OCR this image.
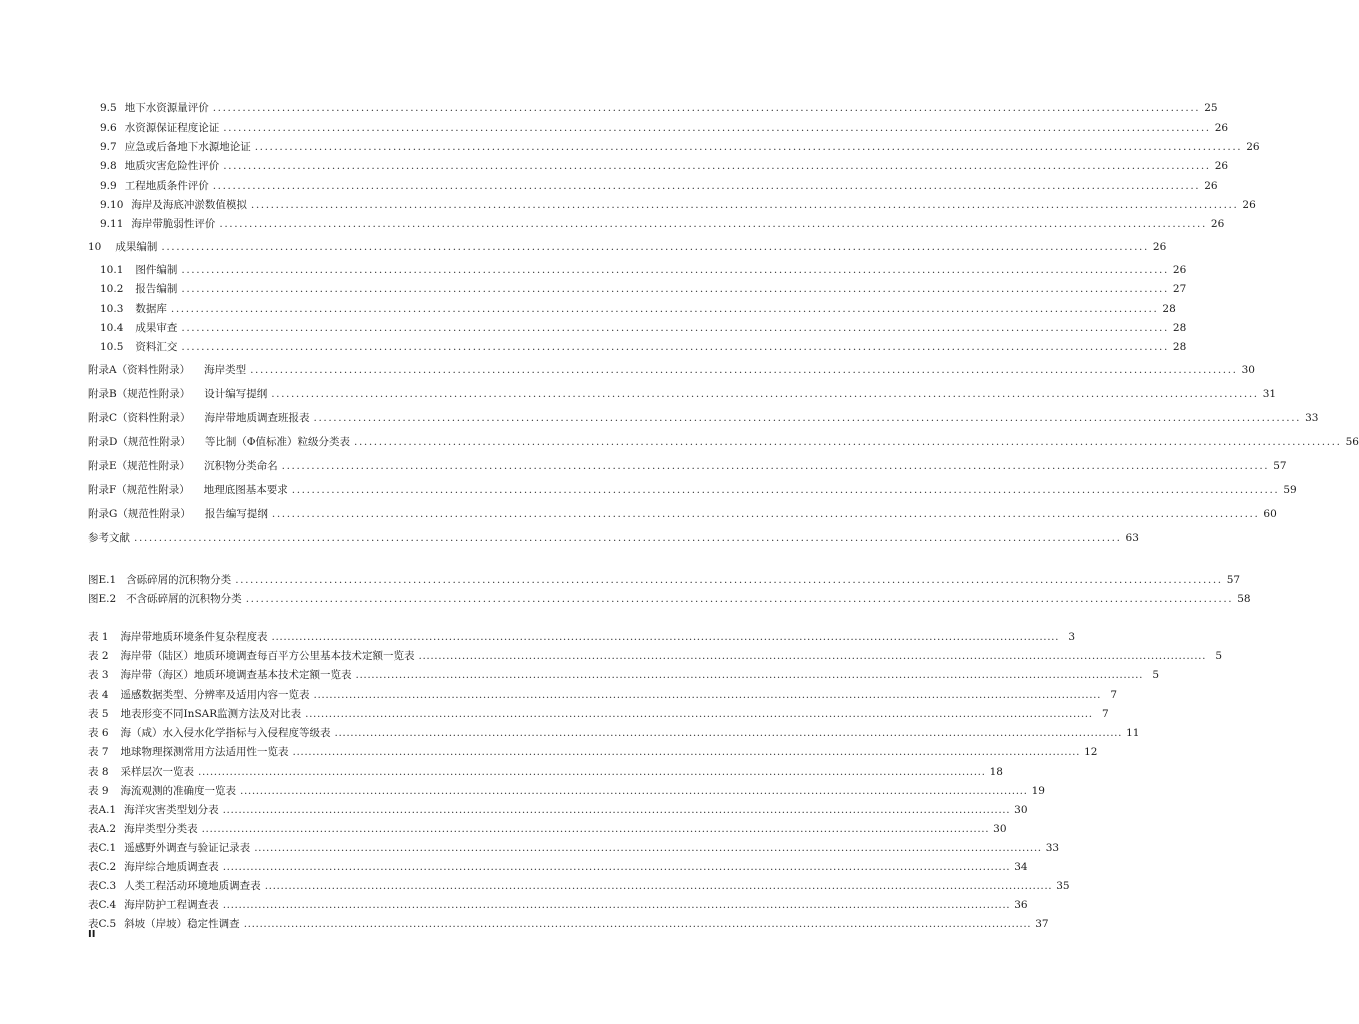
9.5 地下水资源量评价 ........................................................................................................................................................................................................ 25
9.6 水资源保证程度论证 ........................................................................................................................................................................................................ 26
9.7 应急或后备地下水源地论证 ........................................................................................................................................................................................................ 26
9.8 地质灾害危险性评价 ........................................................................................................................................................................................................ 26
9.9 工程地质条件评价 ........................................................................................................................................................................................................ 26
9.10 海岸及海底冲淤数值模拟 ........................................................................................................................................................................................................ 26
9.11 海岸带脆弱性评价 ........................................................................................................................................................................................................ 26
10 成果编制 ........................................................................................................................................................................................................ 26
10.1 图件编制 ........................................................................................................................................................................................................ 26
10.2 报告编制 ........................................................................................................................................................................................................ 27
10.3 数据库 ........................................................................................................................................................................................................ 28
10.4 成果审查 ........................................................................................................................................................................................................ 28
10.5 资料汇交 ........................................................................................................................................................................................................ 28
附录A（资料性附录） 海岸类型 ........................................................................................................................................................................................................ 30
附录B（规范性附录） 设计编写提纲 ........................................................................................................................................................................................................ 31
附录C（资料性附录） 海岸带地质调查班报表 ........................................................................................................................................................................................................ 33
附录D（规范性附录） 等比制（Φ值标准）粒级分类表 ........................................................................................................................................................................................................ 56
附录E（规范性附录） 沉积物分类命名 ........................................................................................................................................................................................................ 57
附录F（规范性附录） 地理底图基本要求 ........................................................................................................................................................................................................ 59
附录G（规范性附录） 报告编写提纲 ........................................................................................................................................................................................................ 60
参考文献 ........................................................................................................................................................................................................ 63
图E.1 含砾碎屑的沉积物分类 ........................................................................................................................................................................................................ 57
图E.2 不含砾碎屑的沉积物分类 ........................................................................................................................................................................................................ 58
表 1 海岸带地质环境条件复杂程度表 ........................................................................................................................................................................................................ 3
表 2 海岸带（陆区）地质环境调查每百平方公里基本技术定额一览表 ........................................................................................................................................................................................................ 5
表 3 海岸带（海区）地质环境调查基本技术定额一览表 ........................................................................................................................................................................................................ 5
表 4 遥感数据类型、分辨率及适用内容一览表 ........................................................................................................................................................................................................ 7
表 5 地表形变不同InSAR监测方法及对比表 ........................................................................................................................................................................................................ 7
表 6 海（咸）水入侵水化学指标与入侵程度等级表 ........................................................................................................................................................................................................ 11
表 7 地球物理探测常用方法适用性一览表 ........................................................................................................................................................................................................ 12
表 8 采样层次一览表 ........................................................................................................................................................................................................ 18
表 9 海流观测的准确度一览表 ........................................................................................................................................................................................................ 19
表A.1 海洋灾害类型划分表 ........................................................................................................................................................................................................ 30
表A.2 海岸类型分类表 ........................................................................................................................................................................................................ 30
表C.1 遥感野外调查与验证记录表 ........................................................................................................................................................................................................ 33
表C.2 海岸综合地质调查表 ........................................................................................................................................................................................................ 34
表C.3 人类工程活动环境地质调查表 ........................................................................................................................................................................................................ 35
表C.4 海岸防护工程调查表 ........................................................................................................................................................................................................ 36
表C.5 斜坡（岸坡）稳定性调查 ........................................................................................................................................................................................................ 37
II
